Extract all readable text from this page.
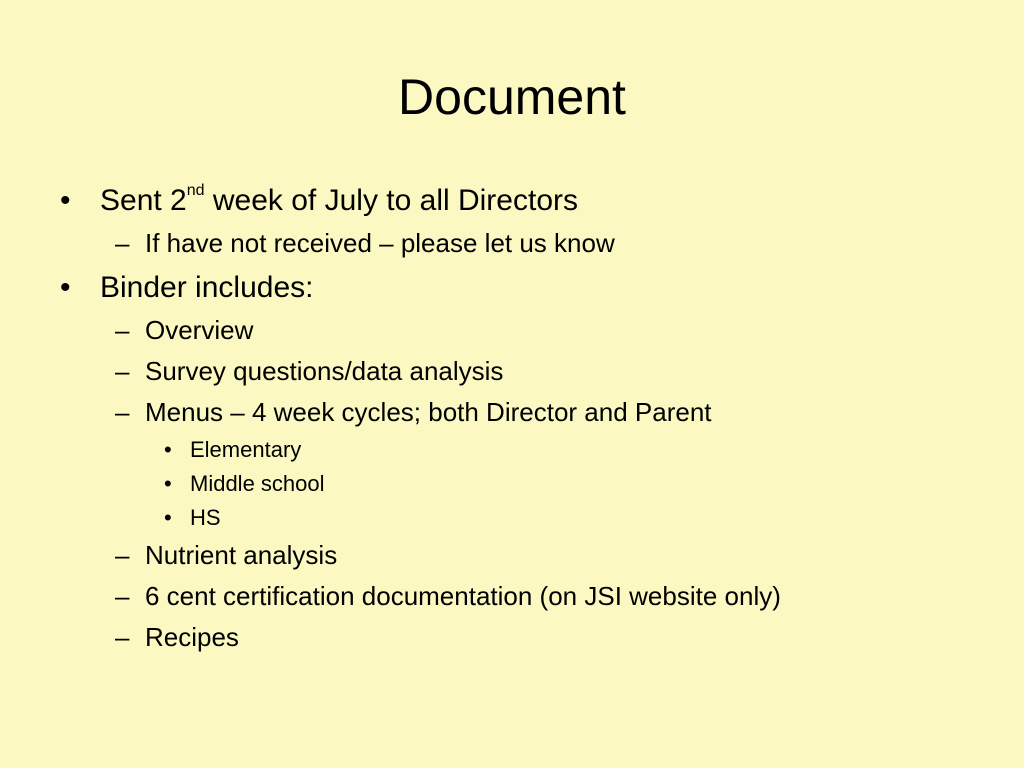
Document
• Sent 2nd week of July to all Directors
– If have not received – please let us know
• Binder includes:
– Overview
– Survey questions/data analysis
– Menus – 4 week cycles; both Director and Parent
• Elementary
• Middle school
• HS
– Nutrient analysis
– 6 cent certification documentation (on JSI website only)
– Recipes
